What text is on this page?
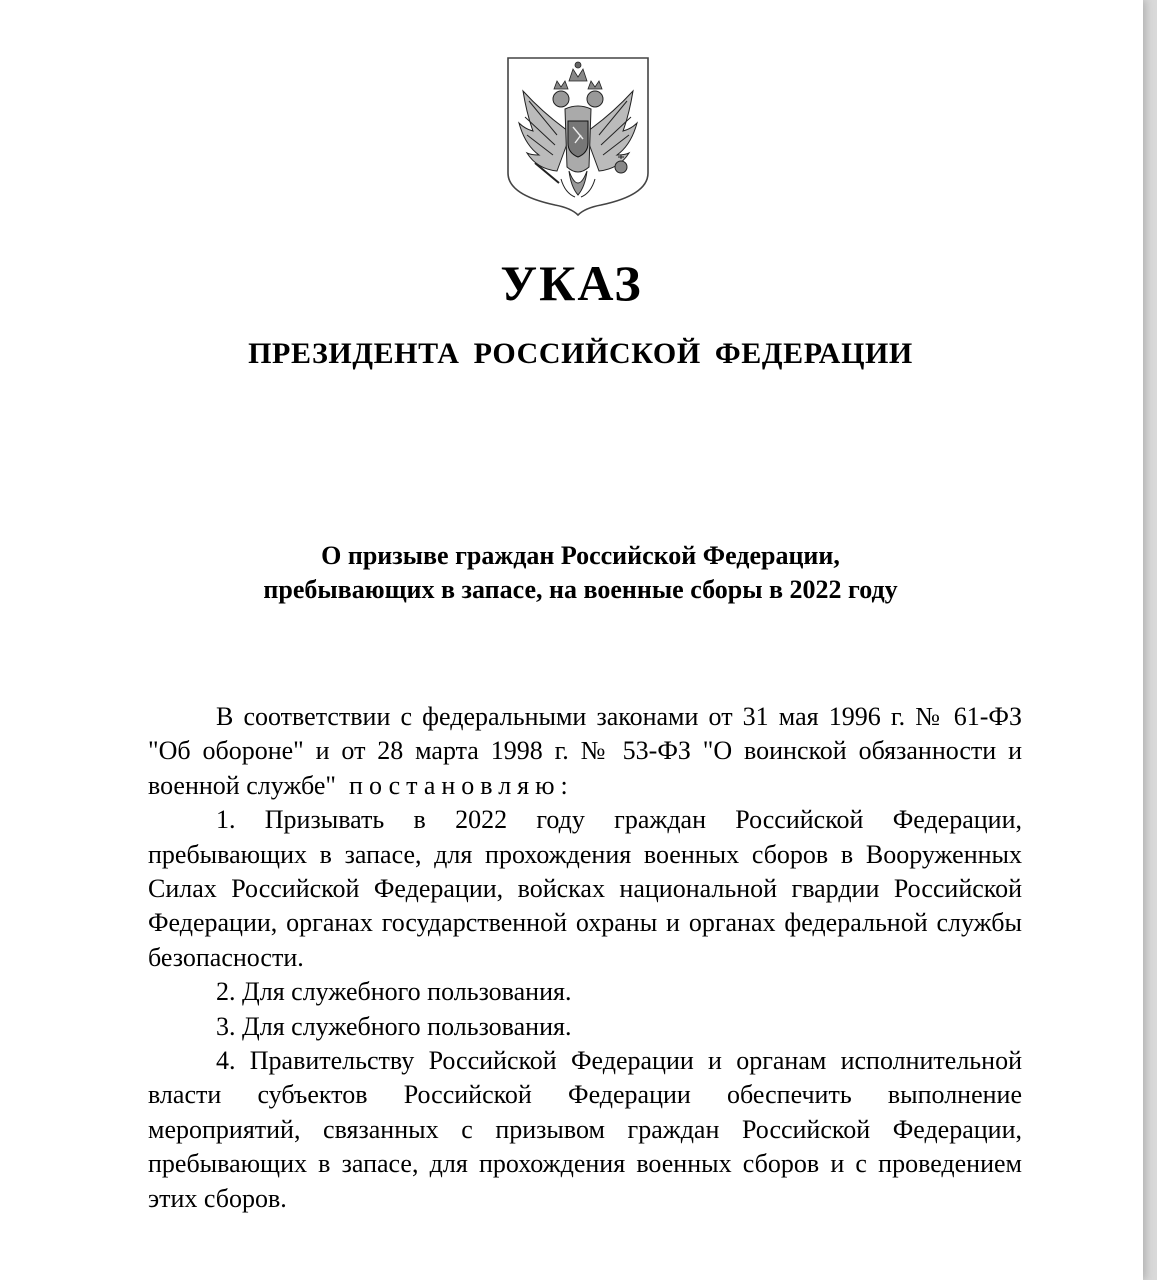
УКАЗ
ПРЕЗИДЕНТА РОССИЙСКОЙ ФЕДЕРАЦИИ
О призыве граждан Российской Федерации,
пребывающих в запасе, на военные сборы в 2022 году

В соответствии с федеральными законами от 31 мая 1996 г. № 61-ФЗ "Об обороне" и от 28 марта 1998 г. № 53-ФЗ "О воинской обязанности и военной службе" постановляю:

1. Призывать в 2022 году граждан Российской Федерации, пребывающих в запасе, для прохождения военных сборов в Вооруженных Силах Российской Федерации, войсках национальной гвардии Российской Федерации, органах государственной охраны и органах федеральной службы безопасности.

2. Для служебного пользования.

3. Для служебного пользования.

4. Правительству Российской Федерации и органам исполнительной власти субъектов Российской Федерации обеспечить выполнение мероприятий, связанных с призывом граждан Российской Федерации, пребывающих в запасе, для прохождения военных сборов и с проведением этих сборов.
